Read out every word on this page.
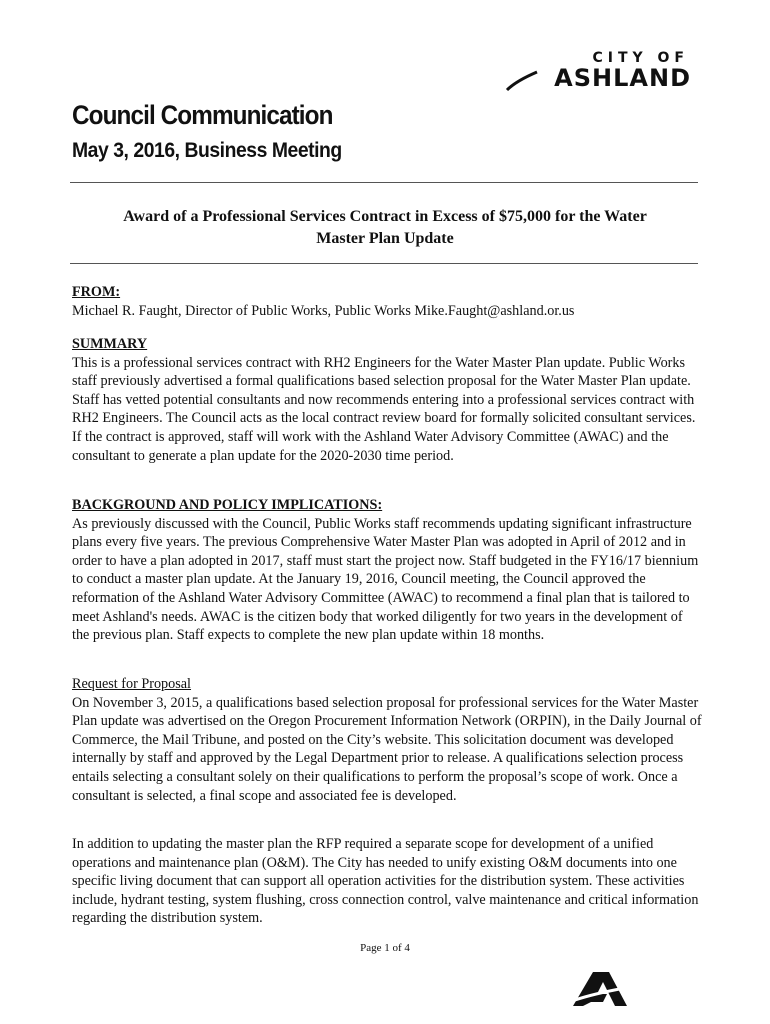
CITY OF
ASHLAND
Council Communication
May 3, 2016, Business Meeting

Award of a Professional Services Contract in Excess of $75,000 for the Water
Master Plan Update

FROM:
Michael R. Faught, Director of Public Works, Public Works Mike.Faught@ashland.or.us
SUMMARY
This is a professional services contract with RH2 Engineers for the Water Master Plan update. Public Works staff previously advertised a formal qualifications based selection proposal for the Water Master Plan update. Staff has vetted potential consultants and now recommends entering into a professional services contract with RH2 Engineers. The Council acts as the local contract review board for formally solicited consultant services. If the contract is approved, staff will work with the Ashland Water Advisory Committee (AWAC) and the consultant to generate a plan update for the 2020-2030 time period.
BACKGROUND AND POLICY IMPLICATIONS:
As previously discussed with the Council, Public Works staff recommends updating significant infrastructure plans every five years. The previous Comprehensive Water Master Plan was adopted in April of 2012 and in order to have a plan adopted in 2017, staff must start the project now. Staff budgeted in the FY16/17 biennium to conduct a master plan update. At the January 19, 2016, Council meeting, the Council approved the reformation of the Ashland Water Advisory Committee (AWAC) to recommend a final plan that is tailored to meet Ashland's needs. AWAC is the citizen body that worked diligently for two years in the development of the previous plan. Staff expects to complete the new plan update within 18 months.
Request for Proposal
On November 3, 2015, a qualifications based selection proposal for professional services for the Water Master Plan update was advertised on the Oregon Procurement Information Network (ORPIN), in the Daily Journal of Commerce, the Mail Tribune, and posted on the City’s website. This solicitation document was developed internally by staff and approved by the Legal Department prior to release. A qualifications selection process entails selecting a consultant solely on their qualifications to perform the proposal’s scope of work. Once a consultant is selected, a final scope and associated fee is developed.
In addition to updating the master plan the RFP required a separate scope for development of a unified operations and maintenance plan (O&M). The City has needed to unify existing O&M documents into one specific living document that can support all operation activities for the distribution system. These activities include, hydrant testing, system flushing, cross connection control, valve maintenance and critical information regarding the distribution system.
Page 1 of 4
